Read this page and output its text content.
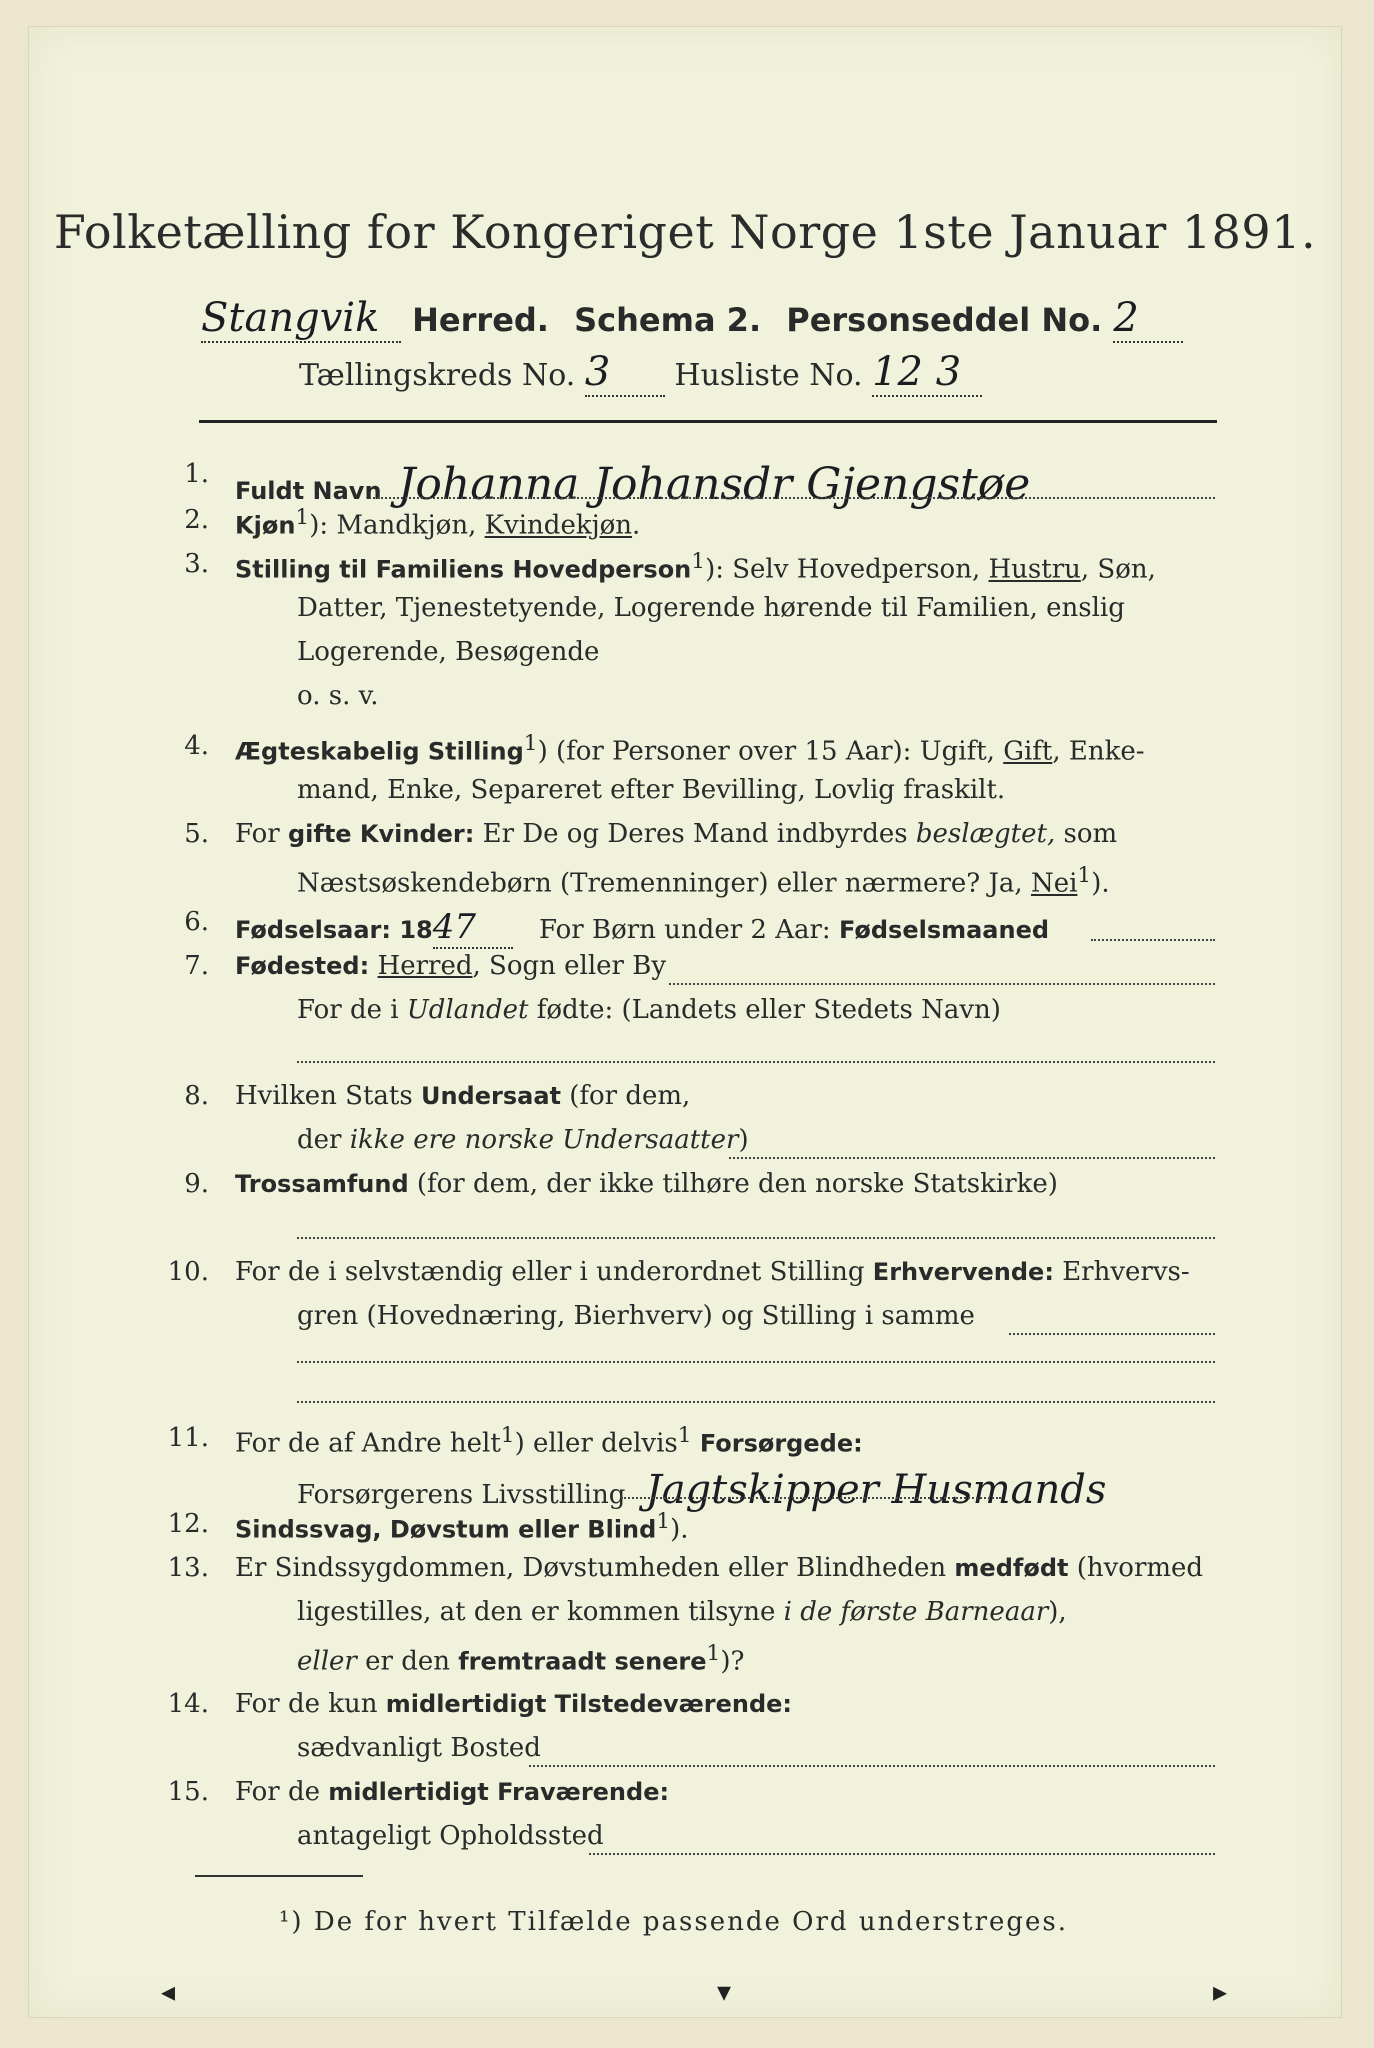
Folketælling for Kongeriget Norge 1ste Januar 1891.
Stangvik Herred. Schema 2. Personseddel No. 2
Tællingskreds No. 3 Husliste No. 12 3
1.
Fuldt Navn Johanna Johansdr Gjengstøe
2. Kjøn$^1$): Mandkjøn, Kvindekjøn.
3. Stilling til Familiens Hovedperson$^1$): Selv Hovedperson, Hustru, Søn,
Datter, Tjenestetyende, Logerende hørende til Familien, enslig
Logerende, Besøgende
o. s. v.
4. Ægteskabelig Stilling$^1$) (for Personer over 15 Aar): Ugift, Gift, Enke-
mand, Enke, Separeret efter Bevilling, Lovlig fraskilt.
5. For gifte Kvinder: Er De og Deres Mand indbyrdes beslægtet, som
Næstsøskendebørn (Tremenninger) eller nærmere? Ja, Nei$^1$).
6. Fødselsaar: 1847 For Børn under 2 Aar: Fødselsmaaned
7. Fødested: Herred, Sogn eller By
For de i Udlandet fødte: (Landets eller Stedets Navn)
8. Hvilken Stats Undersaat (for dem,
der ikke ere norske Undersaatter)
9. Trossamfund (for dem, der ikke tilhøre den norske Statskirke)
10. For de i selvstændig eller i underordnet Stilling Erhvervende: Erhvervs-
gren (Hovednæring, Bierhverv) og Stilling i samme
11. For de af Andre helt$^1$) eller delvis$^1$ Forsørgede:
Forsørgerens Livsstilling Jagtskipper Husmands
12. Sindssvag, Døvstum eller Blind$^1$).
13. Er Sindssygdommen, Døvstumheden eller Blindheden medfødt (hvormed
ligestilles, at den er kommen tilsyne i de første Barneaar),
eller er den fremtraadt senere$^1$)?
14. For de kun midlertidigt Tilstedeværende:
sædvanligt Bosted
15. For de midlertidigt Fraværende:
antageligt Opholdssted
¹) De for hvert Tilfælde passende Ord understreges.
◂	▾	▸
